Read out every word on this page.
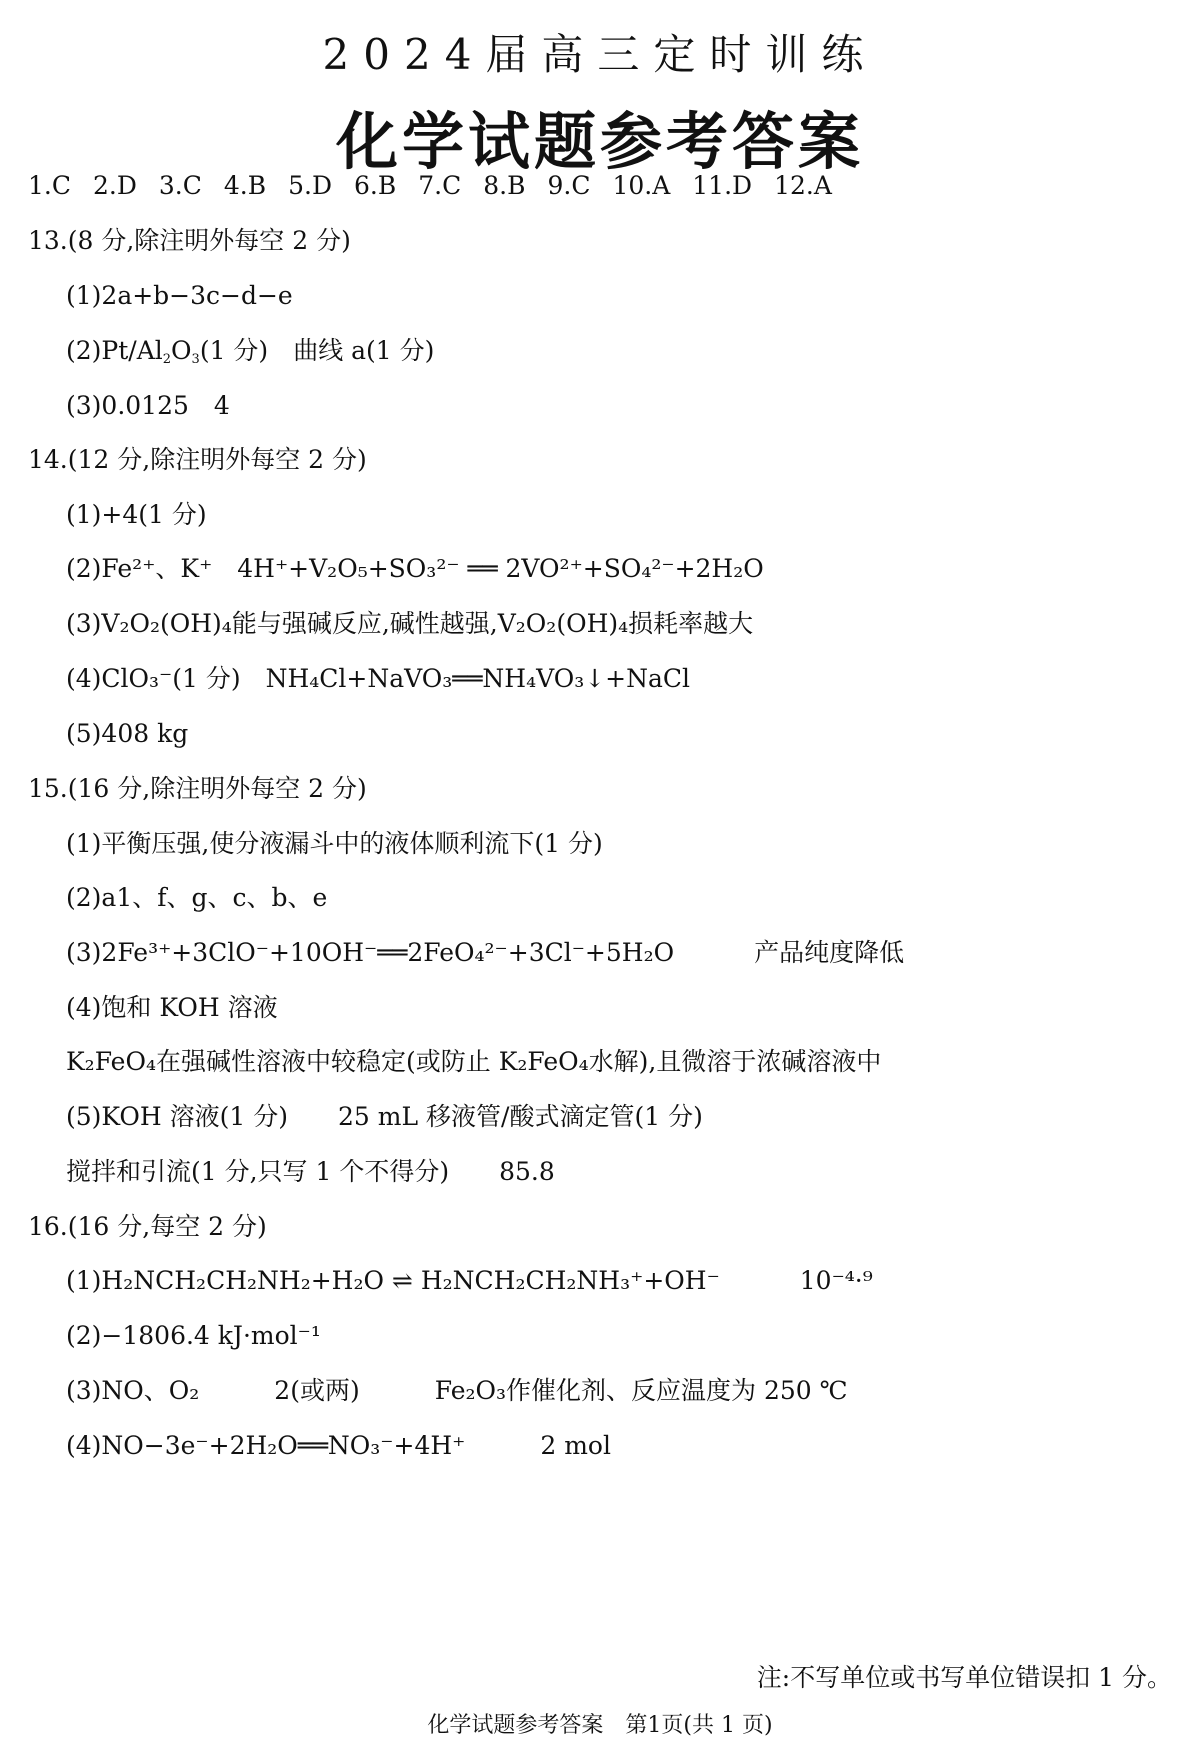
2024届高三定时训练
化学试题参考答案
1.C 2.D 3.C 4.B 5.D 6.B 7.C 8.B 9.C 10.A 11.D 12.A
13.(8 分,除注明外每空 2 分)
(1)2a+b−3c−d−e
$(2)Pt/Al_2O_3(1$ 分)　曲线 a(1 分)
(3)0.0125　4
14.(12 分,除注明外每空 2 分)
(1)+4(1 分)
(2)Fe²⁺、K⁺　4H⁺+V₂O₅+SO₃²⁻ ══ 2VO²⁺+SO₄²⁻+2H₂O
(3)V₂O₂(OH)₄能与强碱反应,碱性越强,V₂O₂(OH)₄损耗率越大
(4)ClO₃⁻(1 分)　NH₄Cl+NaVO₃══NH₄VO₃↓+NaCl
(5)408 kg
15.(16 分,除注明外每空 2 分)
(1)平衡压强,使分液漏斗中的液体顺利流下(1 分)
(2)a1、f、g、c、b、e
(3)2Fe³⁺+3ClO⁻+10OH⁻══2FeO₄²⁻+3Cl⁻+5H₂O	产品纯度降低
(4)饱和 KOH 溶液
K₂FeO₄在强碱性溶液中较稳定(或防止 K₂FeO₄水解),且微溶于浓碱溶液中
(5)KOH 溶液(1 分)　　25 mL 移液管/酸式滴定管(1 分)
搅拌和引流(1 分,只写 1 个不得分)　　85.8
16.(16 分,每空 2 分)
(1)H₂NCH₂CH₂NH₂+H₂O ⇌ H₂NCH₂CH₂NH₃⁺+OH⁻	10⁻⁴·⁹
(2)−1806.4 kJ·mol⁻¹
(3)NO、O₂　　　2(或两)　　　Fe₂O₃作催化剂、反应温度为 250 ℃
(4)NO−3e⁻+2H₂O══NO₃⁻+4H⁺　　　2 mol
注:不写单位或书写单位错误扣 1 分。
化学试题参考答案　第1页(共 1 页)
